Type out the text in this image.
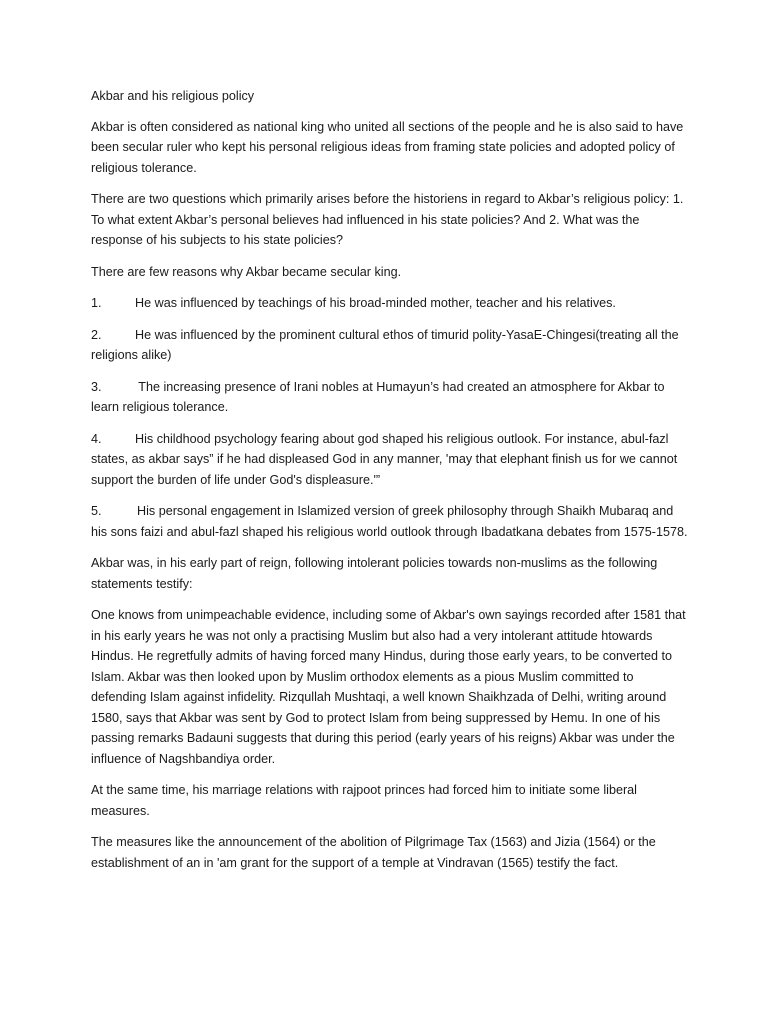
Akbar and his religious policy

Akbar is often considered as national king who united all sections of the people and he is also said to have been secular ruler who kept his personal religious ideas from framing state policies and adopted policy of religious tolerance.

There are two questions which primarily arises before the historiens in regard to Akbar’s religious policy: 1. To what extent Akbar’s personal believes had influenced in his state policies? And 2. What was the response of his subjects to his state policies?

There are few reasons why Akbar became secular king.

1.	He was influenced by teachings of his broad-minded mother, teacher and his relatives.
2.	He was influenced by the prominent cultural ethos of timurid polity-YasaE-Chingesi(treating all the religions alike)
3.	The increasing presence of Irani nobles at Humayun’s had created an atmosphere for Akbar to learn religious tolerance.
4.	His childhood psychology fearing about god shaped his religious outlook. For instance, abul-fazl states, as akbar says” if he had displeased God in any manner, 'may that elephant finish us for we cannot support the burden of life under God's displeasure.'”
5.	His personal engagement in Islamized version of greek philosophy through Shaikh Mubaraq and his sons faizi and abul-fazl shaped his religious world outlook through Ibadatkana debates from 1575-1578.

Akbar was, in his early part of reign, following intolerant policies towards non-muslims as the following statements testify:

One knows from unimpeachable evidence, including some of Akbar's own sayings recorded after 1581 that in his early years he was not only a practising Muslim but also had a very intolerant attitude htowards Hindus. He regretfully admits of having forced many Hindus, during those early years, to be converted to Islam. Akbar was then looked upon by Muslim orthodox elements as a pious Muslim committed to defending Islam against infidelity. Rizqullah Mushtaqi, a well known Shaikhzada of Delhi, writing around 1580, says that Akbar was sent by God to protect Islam from being suppressed by Hemu. In one of his passing remarks Badauni suggests that during this period (early years of his reigns) Akbar was under the influence of Nagshbandiya order.

At the same time, his marriage relations with rajpoot princes had forced him to initiate some liberal measures.

The measures like the announcement of the abolition of Pilgrimage Tax (1563) and Jizia (1564) or the establishment of an in 'am grant for the support of a temple at Vindravan (1565) testify the fact.
